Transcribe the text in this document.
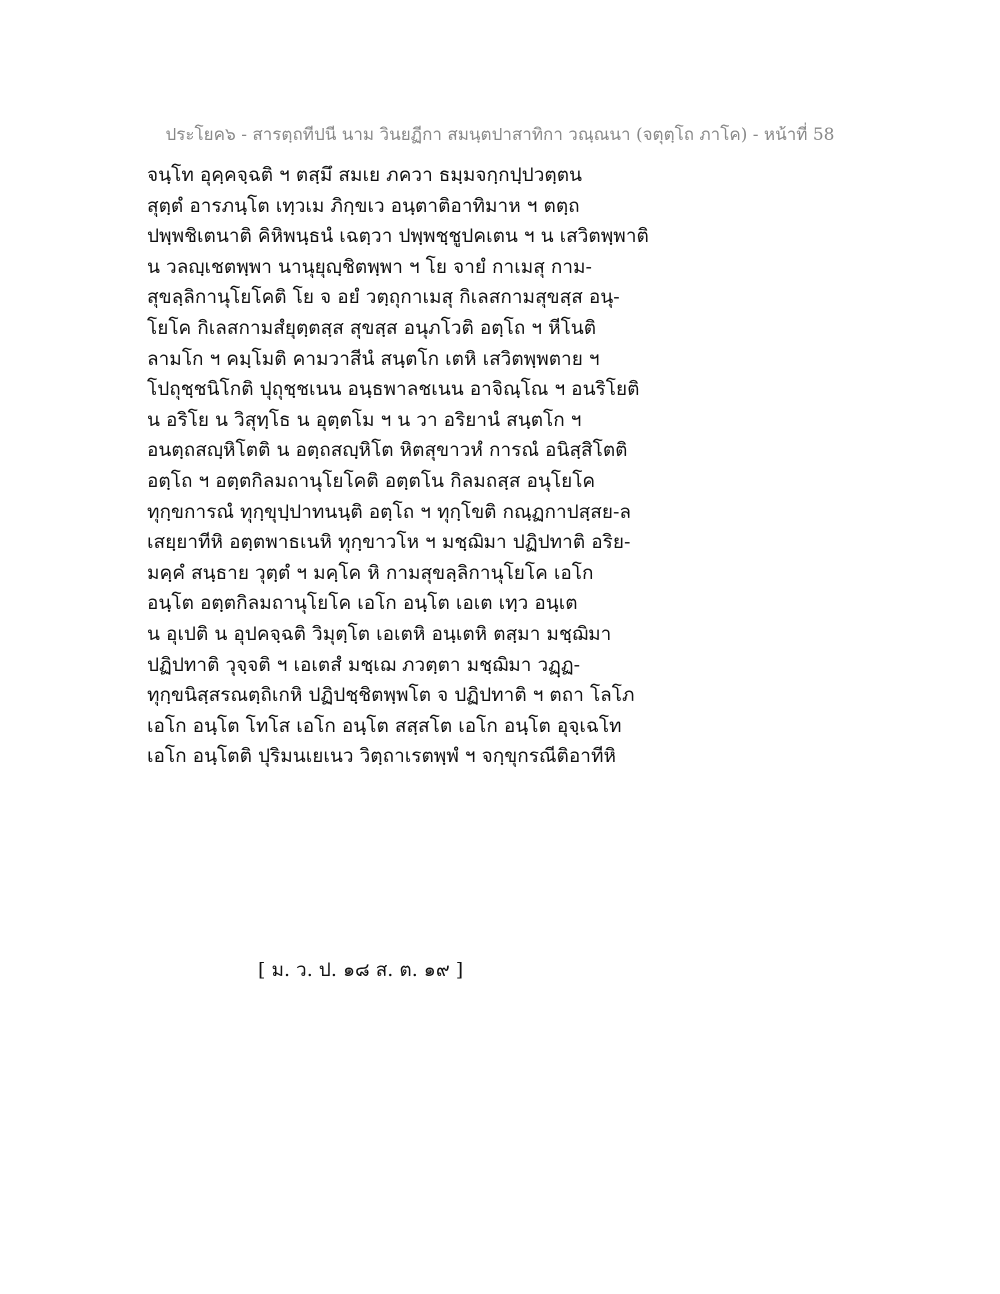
ประโยค๖ - สารตฺถทีปนี นาม วินยฏีกา สมนฺตปาสาทิกา วณฺณนา (จตุตฺโถ ภาโค) - หน้าที่ 58
จนฺโท อุคฺคจฺฉติ ฯ ตสฺมึ สมเย ภควา ธมฺมจกฺกปฺปวตฺตน
สุตฺตํ อารภนฺโต เทฺวเม ภิกฺขเว อนฺตาติอาทิมาห ฯ ตตฺถ
ปพฺพชิเตนาติ คิหิพนฺธนํ เฉตฺวา ปพฺพชฺชูปคเตน ฯ น เสวิตพฺพาติ
น วลญฺเชตพฺพา นานุยุญฺชิตพฺพา ฯ โย จายํ กาเมสุ กาม-
สุขลฺลิกานุโยโคติ โย จ อยํ วตฺถุกาเมสุ กิเลสกามสุขสฺส อนุ-
โยโค กิเลสกามสํยุตฺตสฺส สุขสฺส อนุภโวติ อตฺโถ ฯ หีโนติ
ลามโก ฯ คมฺโมติ คามวาสีนํ สนฺตโก เตหิ เสวิตพฺพตาย ฯ
โปถุชฺชนิโกติ ปุถุชฺชเนน อนฺธพาลชเนน อาจิณฺโณ ฯ อนริโยติ
น อริโย น วิสุทฺโธ น อุตฺตโม ฯ น วา อริยานํ สนฺตโก ฯ
อนตฺถสญฺหิโตติ น อตฺถสญฺหิโต หิตสุขาวหํ การณํ อนิสฺสิโตติ
อตฺโถ ฯ อตฺตกิลมถานุโยโคติ อตฺตโน กิลมถสฺส อนุโยโค
ทุกฺขการณํ ทุกฺขุปฺปาทนนฺติ อตฺโถ ฯ ทุกฺโขติ กณฺฏกาปสฺสย-ล
เสยฺยาทีหิ อตฺตพาธเนหิ ทุกฺขาวโห ฯ มชฺฌิมา ปฏิปทาติ อริย-
มคฺคํ สนฺธาย วุตฺตํ ฯ มคฺโค หิ กามสุขลฺลิกานุโยโค เอโก
อนฺโต อตฺตกิลมถานุโยโค เอโก อนฺโต เอเต เทฺว อนฺเต
น อุเปติ น อุปคจฺฉติ วิมุตฺโต เอเตหิ อนฺเตหิ ตสฺมา มชฺฌิมา
ปฏิปทาติ วุจฺจติ ฯ เอเตสํ มชฺเฌ ภวตฺตา มชฺฌิมา วฏฺฏ-
ทุกฺขนิสฺสรณตฺถิเกหิ ปฏิปชฺชิตพฺพโต จ ปฏิปทาติ ฯ ตถา โลโภ
เอโก อนฺโต โทโส เอโก อนฺโต สสฺสโต เอโก อนฺโต อุจฺเฉโท
เอโก อนฺโตติ ปุริมนเยเนว วิตฺถาเรตพฺพํ ฯ จกฺขุกรณีติอาทีหิ
[ ม. ว. ป. ๑๘ ส. ต. ๑๙ ]
